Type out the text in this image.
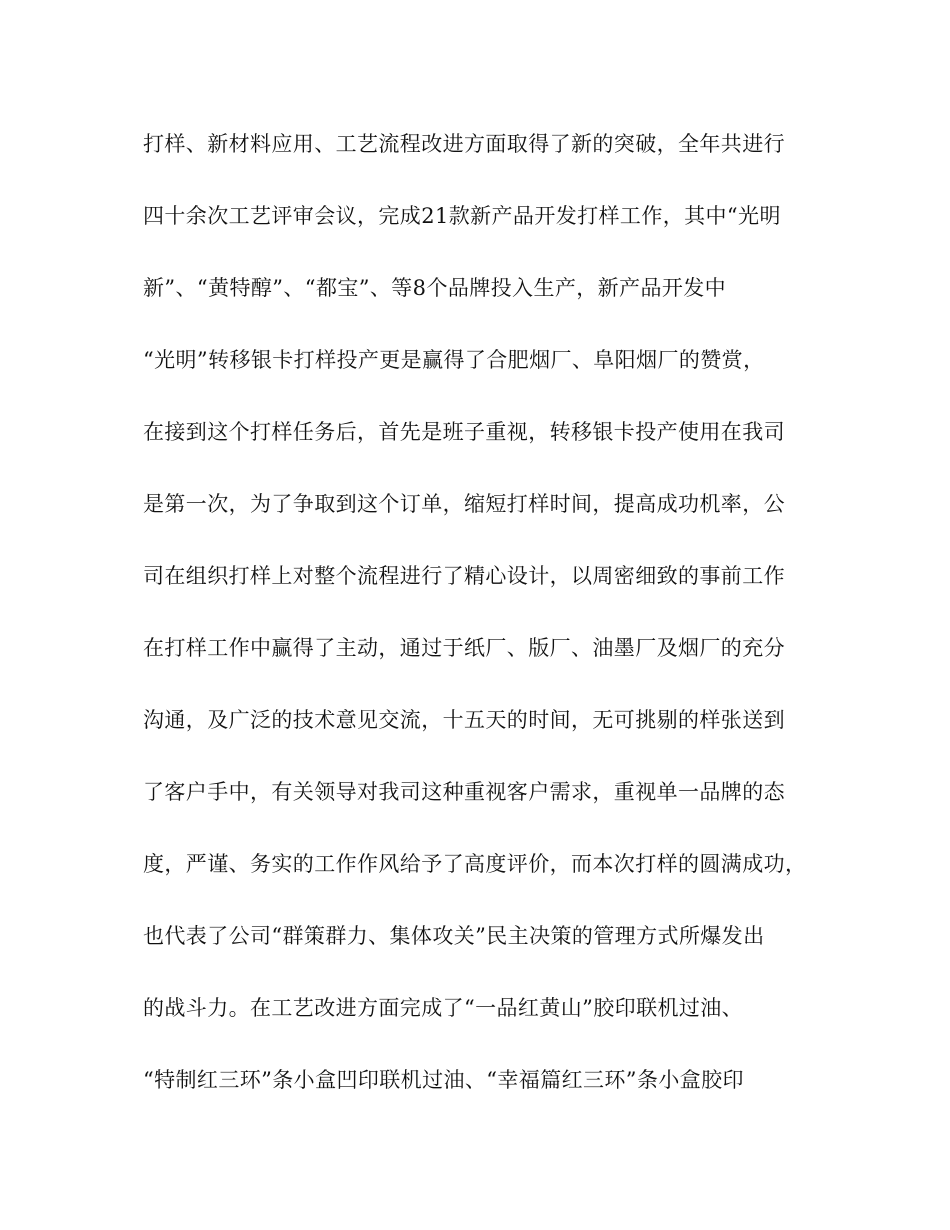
打样、新材料应用、工艺流程改进方面取得了新的突破，全年共进行
四十余次工艺评审会议，完成21款新产品开发打样工作，其中“光明
新”、“黄特醇”、“都宝”、等8个品牌投入生产，新产品开发中
“光明”转移银卡打样投产更是赢得了合肥烟厂、阜阳烟厂的赞赏，
在接到这个打样任务后，首先是班子重视，转移银卡投产使用在我司
是第一次，为了争取到这个订单，缩短打样时间，提高成功机率，公
司在组织打样上对整个流程进行了精心设计，以周密细致的事前工作
在打样工作中赢得了主动，通过于纸厂、版厂、油墨厂及烟厂的充分
沟通，及广泛的技术意见交流，十五天的时间，无可挑剔的样张送到
了客户手中，有关领导对我司这种重视客户需求，重视单一品牌的态
度，严谨、务实的工作作风给予了高度评价，而本次打样的圆满成功，
也代表了公司“群策群力、集体攻关”民主决策的管理方式所爆发出
的战斗力。在工艺改进方面完成了“一品红黄山”胶印联机过油、
“特制红三环”条小盒凹印联机过油、“幸福篇红三环”条小盒胶印
